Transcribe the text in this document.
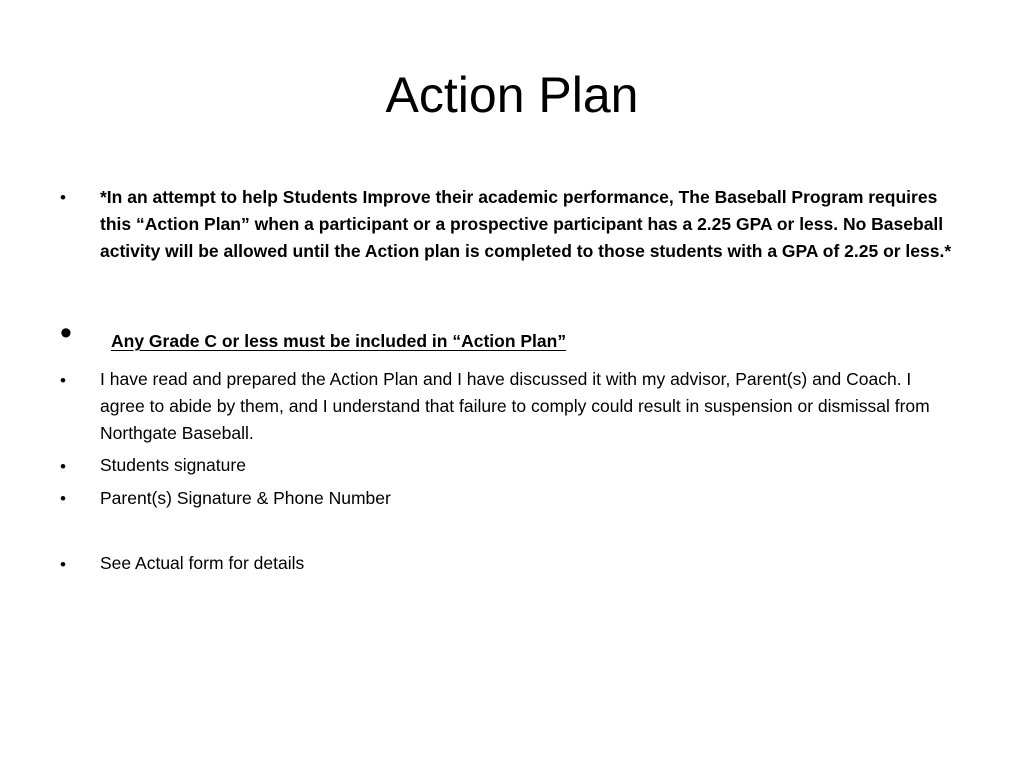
Action Plan
• *In an attempt to help Students Improve their academic performance, The Baseball Program requires this “Action Plan” when a participant or a prospective participant has a 2.25 GPA or less. No Baseball activity will be allowed until the Action plan is completed to those students with a GPA of 2.25 or less.*
• Any Grade C or less must be included in “Action Plan”
• I have read and prepared the Action Plan and I have discussed it with my advisor, Parent(s) and Coach. I agree to abide by them, and I understand that failure to comply could result in suspension or dismissal from Northgate Baseball.
• Students signature
• Parent(s) Signature & Phone Number
• See Actual form for details
